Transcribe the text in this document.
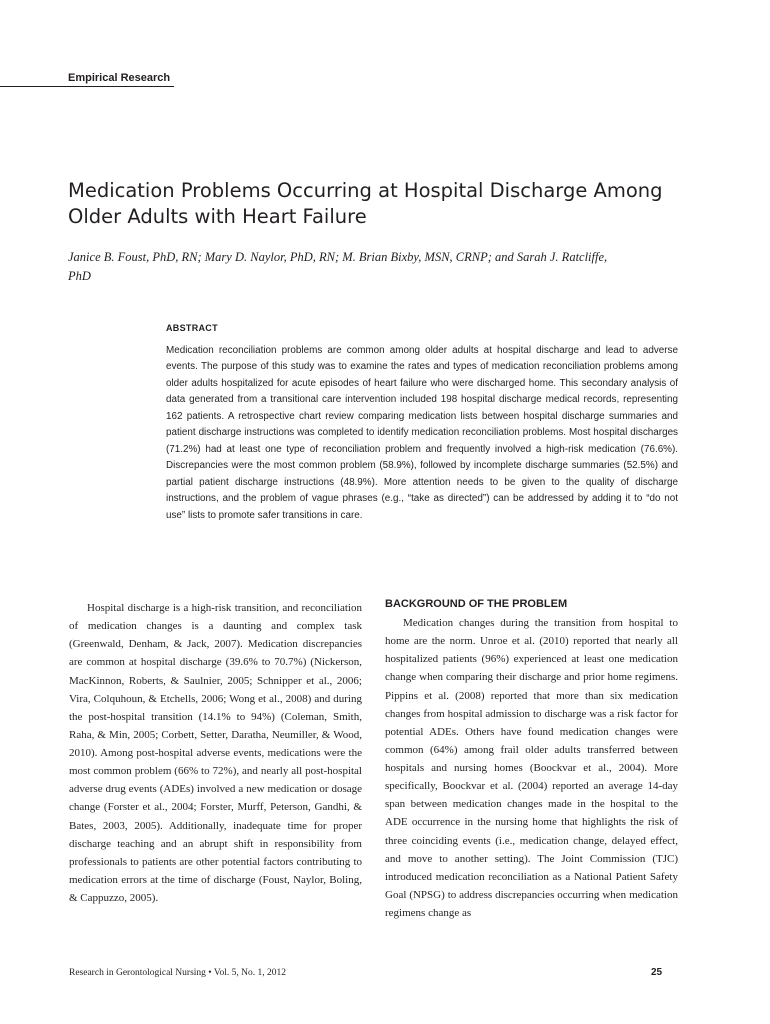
Empirical Research
Medication Problems Occurring at Hospital Discharge Among Older Adults with Heart Failure
Janice B. Foust, PhD, RN; Mary D. Naylor, PhD, RN; M. Brian Bixby, MSN, CRNP; and Sarah J. Ratcliffe, PhD
ABSTRACT

Medication reconciliation problems are common among older adults at hospital discharge and lead to adverse events. The purpose of this study was to examine the rates and types of medication reconciliation problems among older adults hospitalized for acute episodes of heart failure who were discharged home. This secondary analysis of data generated from a transitional care intervention included 198 hospital discharge medical records, representing 162 patients. A retrospective chart review comparing medication lists between hospital discharge summaries and patient discharge instructions was completed to identify medication reconciliation problems. Most hospital discharges (71.2%) had at least one type of reconciliation problem and frequently involved a high-risk medication (76.6%). Discrepancies were the most common problem (58.9%), followed by incomplete discharge summaries (52.5%) and partial patient discharge instructions (48.9%). More attention needs to be given to the quality of discharge instructions, and the problem of vague phrases (e.g., “take as directed”) can be addressed by adding it to “do not use” lists to promote safer transitions in care.

Hospital discharge is a high-risk transition, and reconciliation of medication changes is a daunting and complex task (Greenwald, Denham, & Jack, 2007). Medication discrepancies are common at hospital discharge (39.6% to 70.7%) (Nickerson, MacKinnon, Roberts, & Saulnier, 2005; Schnipper et al., 2006; Vira, Colquhoun, & Etchells, 2006; Wong et al., 2008) and during the post-hospital transition (14.1% to 94%) (Coleman, Smith, Raha, & Min, 2005; Corbett, Setter, Daratha, Neumiller, & Wood, 2010). Among post-hospital adverse events, medications were the most common problem (66% to 72%), and nearly all post-hospital adverse drug events (ADEs) involved a new medication or dosage change (Forster et al., 2004; Forster, Murff, Peterson, Gandhi, & Bates, 2003, 2005). Additionally, inadequate time for proper discharge teaching and an abrupt shift in responsibility from professionals to patients are other potential factors contributing to medication errors at the time of discharge (Foust, Naylor, Boling, & Cappuzzo, 2005).

BACKGROUND OF THE PROBLEM

Medication changes during the transition from hospital to home are the norm. Unroe et al. (2010) reported that nearly all hospitalized patients (96%) experienced at least one medication change when comparing their discharge and prior home regimens. Pippins et al. (2008) reported that more than six medication changes from hospital admission to discharge was a risk factor for potential ADEs. Others have found medication changes were common (64%) among frail older adults transferred between hospitals and nursing homes (Boockvar et al., 2004). More specifically, Boockvar et al. (2004) reported an average 14-day span between medication changes made in the hospital to the ADE occurrence in the nursing home that highlights the risk of three coinciding events (i.e., medication change, delayed effect, and move to another setting). The Joint Commission (TJC) introduced medication reconciliation as a National Patient Safety Goal (NPSG) to address discrepancies occurring when medication regimens change as

Research in Gerontological Nursing • Vol. 5, No. 1, 2012	25
